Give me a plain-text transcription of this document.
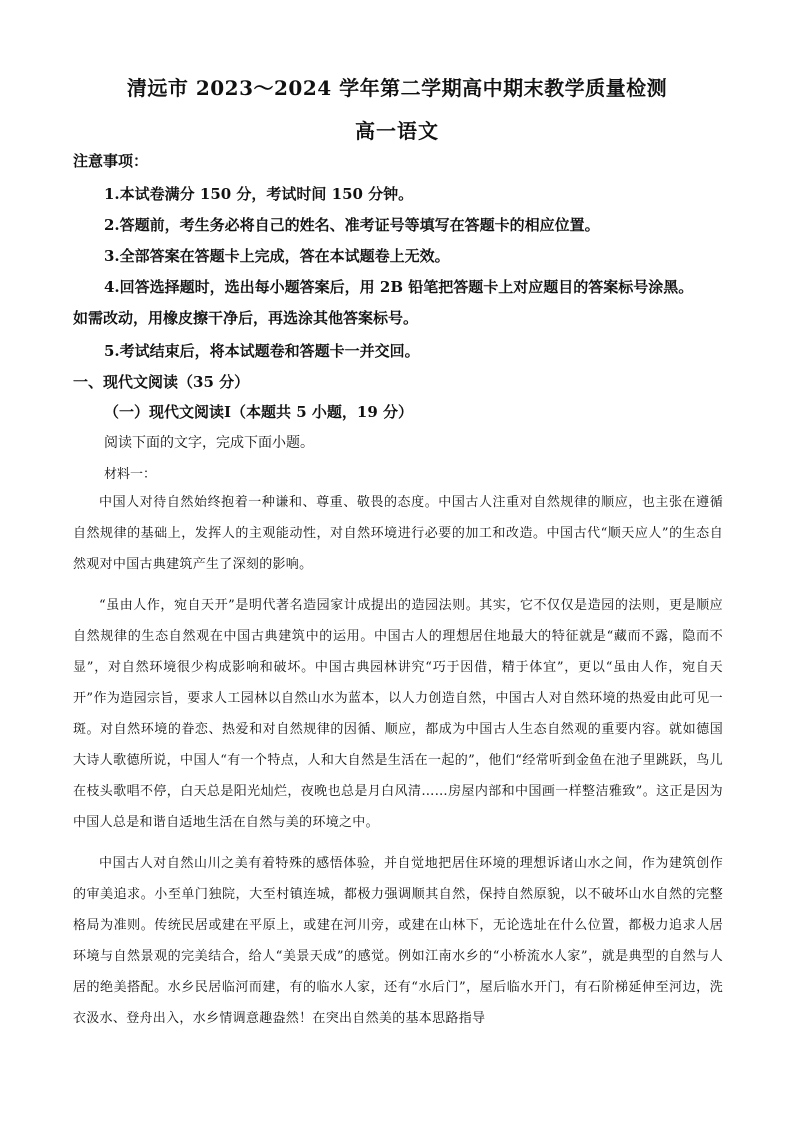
清远市 2023～2024 学年第二学期高中期末教学质量检测
高一语文
注意事项：
1.本试卷满分 150 分，考试时间 150 分钟。
2.答题前，考生务必将自己的姓名、准考证号等填写在答题卡的相应位置。
3.全部答案在答题卡上完成，答在本试题卷上无效。
4.回答选择题时，选出每小题答案后，用 2B 铅笔把答题卡上对应题目的答案标号涂黑。
如需改动，用橡皮擦干净后，再选涂其他答案标号。
5.考试结束后，将本试题卷和答题卡一并交回。
一、现代文阅读（35 分）
（一）现代文阅读Ⅰ（本题共 5 小题，19 分）
阅读下面的文字，完成下面小题。
材料一：

中国人对待自然始终抱着一种谦和、尊重、敬畏的态度。中国古人注重对自然规律的顺应，也主张在遵循自然规律的基础上，发挥人的主观能动性，对自然环境进行必要的加工和改造。中国古代“顺天应人”的生态自然观对中国古典建筑产生了深刻的影响。

“虽由人作，宛自天开”是明代著名造园家计成提出的造园法则。其实，它不仅仅是造园的法则，更是顺应自然规律的生态自然观在中国古典建筑中的运用。中国古人的理想居住地最大的特征就是“藏而不露，隐而不显”，对自然环境很少构成影响和破坏。中国古典园林讲究“巧于因借，精于体宜”，更以“虽由人作，宛自天开”作为造园宗旨，要求人工园林以自然山水为蓝本，以人力创造自然，中国古人对自然环境的热爱由此可见一斑。对自然环境的眷恋、热爱和对自然规律的因循、顺应，都成为中国古人生态自然观的重要内容。就如德国大诗人歌德所说，中国人“有一个特点，人和大自然是生活在一起的”，他们“经常听到金鱼在池子里跳跃，鸟儿在枝头歌唱不停，白天总是阳光灿烂，夜晚也总是月白风清……房屋内部和中国画一样整洁雅致”。这正是因为中国人总是和谐自适地生活在自然与美的环境之中。

中国古人对自然山川之美有着特殊的感悟体验，并自觉地把居住环境的理想诉诸山水之间，作为建筑创作的审美追求。小至单门独院，大至村镇连城，都极力强调顺其自然，保持自然原貌，以不破坏山水自然的完整格局为准则。传统民居或建在平原上，或建在河川旁，或建在山林下，无论选址在什么位置，都极力追求人居环境与自然景观的完美结合，给人“美景天成”的感觉。例如江南水乡的“小桥流水人家”，就是典型的自然与人居的绝美搭配。水乡民居临河而建，有的临水人家，还有“水后门”，屋后临水开门，有石阶梯延伸至河边，洗衣汲水、登舟出入，水乡情调意趣盎然！在突出自然美的基本思路指导
